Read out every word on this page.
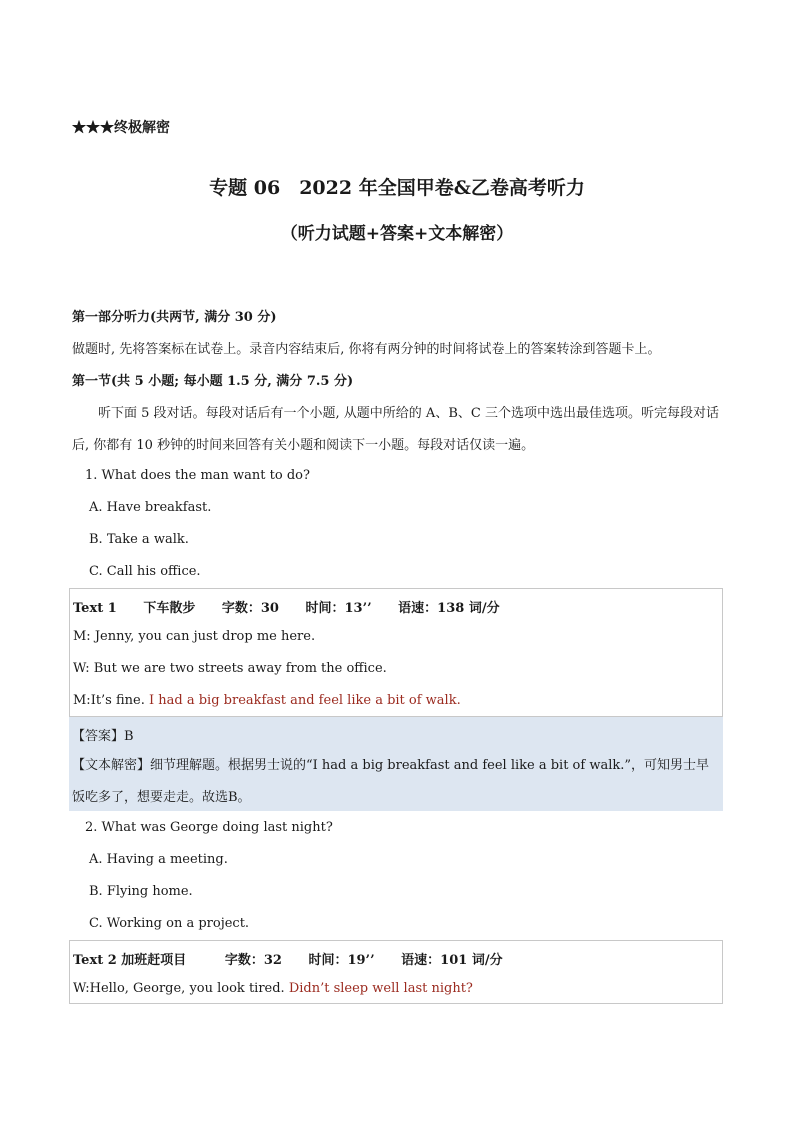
★★★终极解密
专题 06　2022 年全国甲卷&乙卷高考听力
（听力试题+答案+文本解密）
第一部分听力(共两节, 满分 30 分)
做题时, 先将答案标在试卷上。录音内容结束后, 你将有两分钟的时间将试卷上的答案转涂到答题卡上。
第一节(共 5 小题; 每小题 1.5 分, 满分 7.5 分)
听下面 5 段对话。每段对话后有一个小题, 从题中所给的 A、B、C 三个选项中选出最佳选项。听完每段对话后, 你都有 10 秒钟的时间来回答有关小题和阅读下一小题。每段对话仅读一遍。
1. What does the man want to do?
A. Have breakfast.
B. Take a walk.
C. Call his office.
Text 1 下车散步 字数：30 时间：13’’ 语速：138 词/分
M: Jenny, you can just drop me here.
W: But we are two streets away from the office.
M:It’s fine. I had a big breakfast and feel like a bit of walk.
【答案】B
【文本解密】细节理解题。根据男士说的“I had a big breakfast and feel like a bit of walk.”，可知男士早饭吃多了，想要走走。故选B。
2. What was George doing last night?
A. Having a meeting.
B. Flying home.
C. Working on a project.
Text 2 加班赶项目	字数：32 时间：19’’ 语速：101 词/分
W:Hello, George, you look tired. Didn’t sleep well last night?
